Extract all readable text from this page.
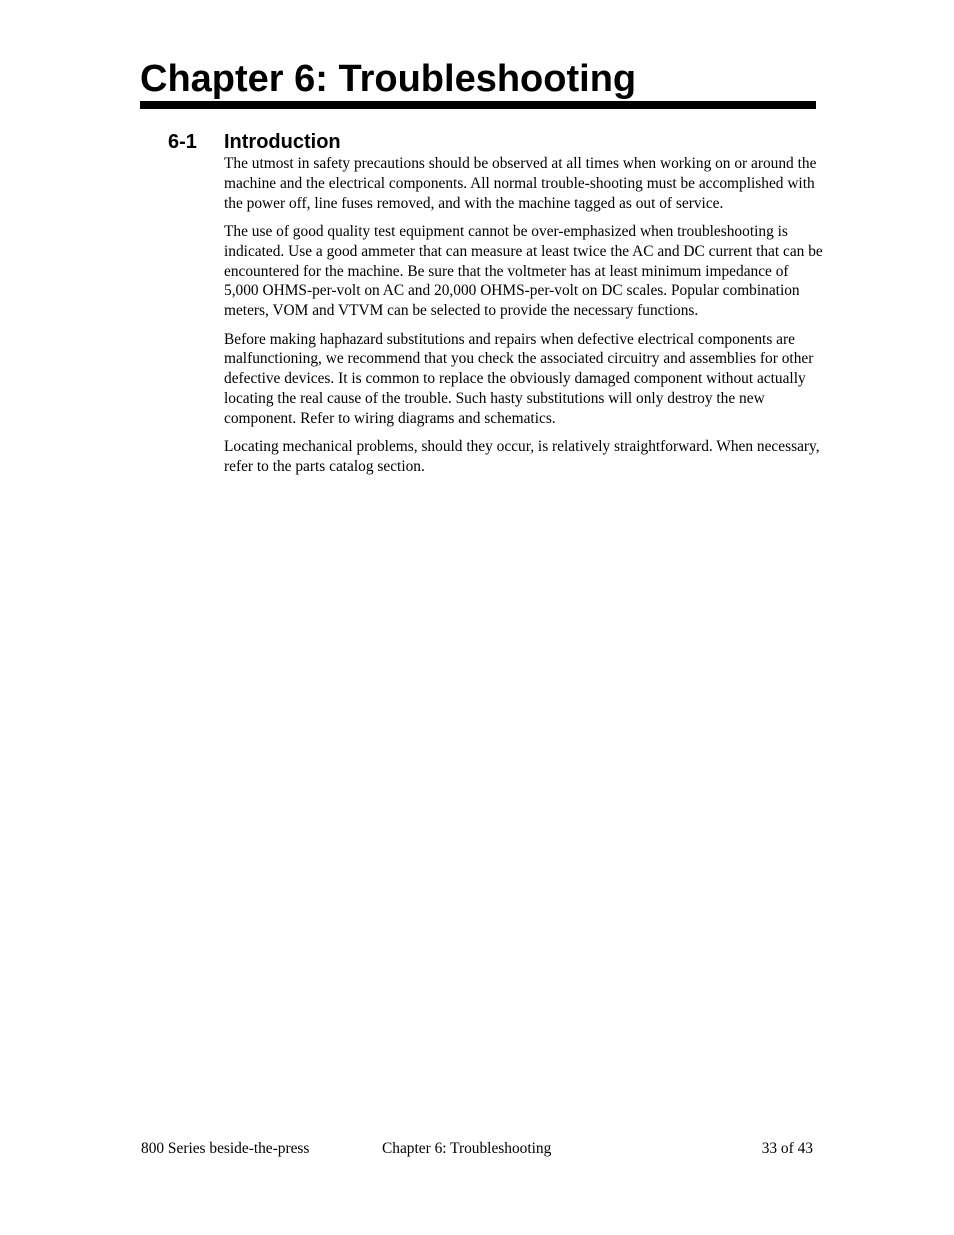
Chapter 6: Troubleshooting
6-1 Introduction

The utmost in safety precautions should be observed at all times when working on or around the machine and the electrical components. All normal trouble-shooting must be accomplished with the power off, line fuses removed, and with the machine tagged as out of service.

The use of good quality test equipment cannot be over-emphasized when troubleshooting is indicated. Use a good ammeter that can measure at least twice the AC and DC current that can be encountered for the machine. Be sure that the voltmeter has at least minimum impedance of 5,000 OHMS-per-volt on AC and 20,000 OHMS-per-volt on DC scales. Popular combination meters, VOM and VTVM can be selected to provide the necessary functions.

Before making haphazard substitutions and repairs when defective electrical components are malfunctioning, we recommend that you check the associated circuitry and assemblies for other defective devices. It is common to replace the obviously damaged component without actually locating the real cause of the trouble. Such hasty substitutions will only destroy the new component. Refer to wiring diagrams and schematics.

Locating mechanical problems, should they occur, is relatively straightforward. When necessary, refer to the parts catalog section.

800 Series beside-the-press	Chapter 6: Troubleshooting	33 of 43
